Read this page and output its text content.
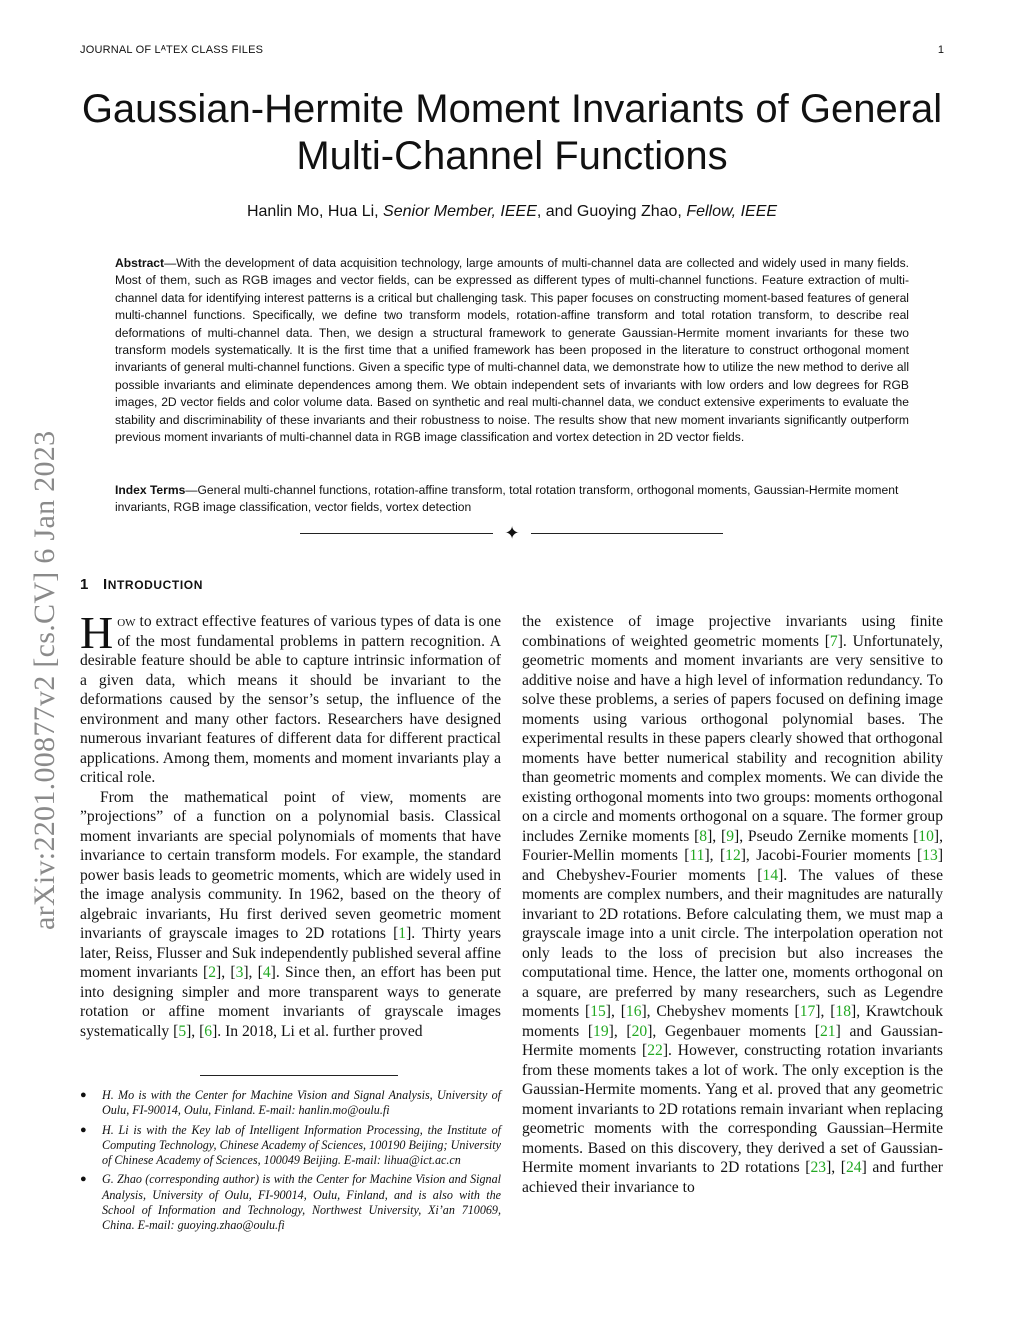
JOURNAL OF LᴬTEX CLASS FILES	1
Gaussian-Hermite Moment Invariants of General
Multi-Channel Functions
Hanlin Mo, Hua Li, Senior Member, IEEE, and Guoying Zhao, Fellow, IEEE

Abstract—With the development of data acquisition technology, large amounts of multi-channel data are collected and widely used in many fields. Most of them, such as RGB images and vector fields, can be expressed as different types of multi-channel functions. Feature extraction of multi-channel data for identifying interest patterns is a critical but challenging task. This paper focuses on constructing moment-based features of general multi-channel functions. Specifically, we define two transform models, rotation-affine transform and total rotation transform, to describe real deformations of multi-channel data. Then, we design a structural framework to generate Gaussian-Hermite moment invariants for these two transform models systematically. It is the first time that a unified framework has been proposed in the literature to construct orthogonal moment invariants of general multi-channel functions. Given a specific type of multi-channel data, we demonstrate how to utilize the new method to derive all possible invariants and eliminate dependences among them. We obtain independent sets of invariants with low orders and low degrees for RGB images, 2D vector fields and color volume data. Based on synthetic and real multi-channel data, we conduct extensive experiments to evaluate the stability and discriminability of these invariants and their robustness to noise. The results show that new moment invariants significantly outperform previous moment invariants of multi-channel data in RGB image classification and vortex detection in 2D vector fields.

Index Terms—General multi-channel functions, rotation-affine transform, total rotation transform, orthogonal moments, Gaussian-Hermite moment invariants, RGB image classification, vector fields, vortex detection

✦
arXiv:2201.00877v2 [cs.CV] 6 Jan 2023 1 INTRODUCTION

How to extract effective features of various types of data is one of the most fundamental problems in pattern recognition. A desirable feature should be able to capture intrinsic information of a given data, which means it should be invariant to the deformations caused by the sensor’s setup, the influence of the environment and many other factors. Researchers have designed numerous invariant features of different data for different practical applications. Among them, moments and moment invariants play a critical role.

From the mathematical point of view, moments are ”projections” of a function on a polynomial basis. Classical moment invariants are special polynomials of moments that have invariance to certain transform models. For example, the standard power basis leads to geometric moments, which are widely used in the image analysis community. In 1962, based on the theory of algebraic invariants, Hu first derived seven geometric moment invariants of grayscale images to 2D rotations [1]. Thirty years later, Reiss, Flusser and Suk independently published several affine moment invariants [2], [3], [4]. Since then, an effort has been put into designing simpler and more transparent ways to generate rotation or affine moment invariants of grayscale images systematically [5], [6]. In 2018, Li et al. further proved

● H. Mo is with the Center for Machine Vision and Signal Analysis, University of Oulu, FI-90014, Oulu, Finland. E-mail: hanlin.mo@oulu.fi
● H. Li is with the Key lab of Intelligent Information Processing, the Institute of Computing Technology, Chinese Academy of Sciences, 100190 Beijing; University of Chinese Academy of Sciences, 100049 Beijing. E-mail: lihua@ict.ac.cn
● G. Zhao (corresponding author) is with the Center for Machine Vision and Signal Analysis, University of Oulu, FI-90014, Oulu, Finland, and is also with the School of Information and Technology, Northwest University, Xi’an 710069, China. E-mail: guoying.zhao@oulu.fi

the existence of image projective invariants using finite combinations of weighted geometric moments [7]. Unfortunately, geometric moments and moment invariants are very sensitive to additive noise and have a high level of information redundancy. To solve these problems, a series of papers focused on defining image moments using various orthogonal polynomial bases. The experimental results in these papers clearly showed that orthogonal moments have better numerical stability and recognition ability than geometric moments and complex moments. We can divide the existing orthogonal moments into two groups: moments orthogonal on a circle and moments orthogonal on a square. The former group includes Zernike moments [8], [9], Pseudo Zernike moments [10], Fourier-Mellin moments [11], [12], Jacobi-Fourier moments [13] and Chebyshev-Fourier moments [14]. The values of these moments are complex numbers, and their magnitudes are naturally invariant to 2D rotations. Before calculating them, we must map a grayscale image into a unit circle. The interpolation operation not only leads to the loss of precision but also increases the computational time. Hence, the latter one, moments orthogonal on a square, are preferred by many researchers, such as Legendre moments [15], [16], Chebyshev moments [17], [18], Krawtchouk moments [19], [20], Gegenbauer moments [21] and Gaussian-Hermite moments [22]. However, constructing rotation invariants from these moments takes a lot of work. The only exception is the Gaussian-Hermite moments. Yang et al. proved that any geometric moment invariants to 2D rotations remain invariant when replacing geometric moments with the corresponding Gaussian–Hermite moments. Based on this discovery, they derived a set of Gaussian-Hermite moment invariants to 2D rotations [23], [24] and further achieved their invariance to
